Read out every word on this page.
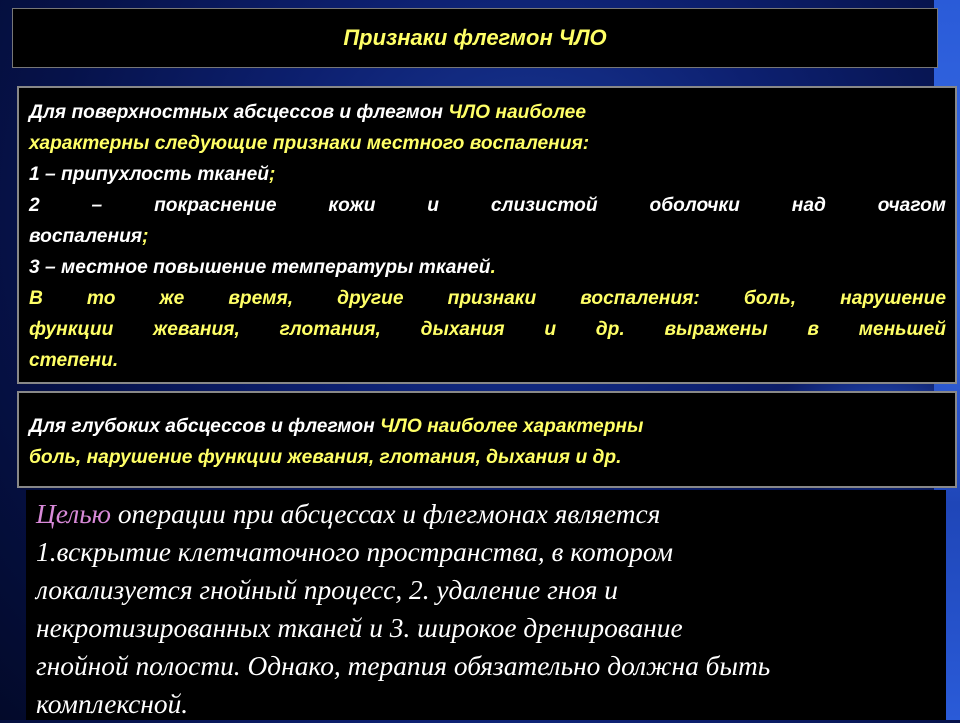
Признаки флегмон ЧЛО

Для поверхностных абсцессов и флегмон ЧЛО наиболее

характерны следующие признаки местного воспаления:

1 – припухлость тканей;

2 – покраснение кожи и слизистой оболочки над очагом

воспаления;

3 – местное повышение температуры тканей.

В то же время, другие признаки воспаления: боль, нарушение

функции жевания, глотания, дыхания и др. выражены в меньшей

степени.

Для глубоких абсцессов и флегмон ЧЛО наиболее характерны

боль, нарушение функции жевания, глотания, дыхания и др.

Целью операции при абсцессах и флегмонах является

1.вскрытие клетчаточного пространства, в котором

локализуется гнойный процесс, 2. удаление гноя и

некротизированных тканей и 3. широкое дренирование

гнойной полости. Однако, терапия обязательно должна быть

комплексной.
